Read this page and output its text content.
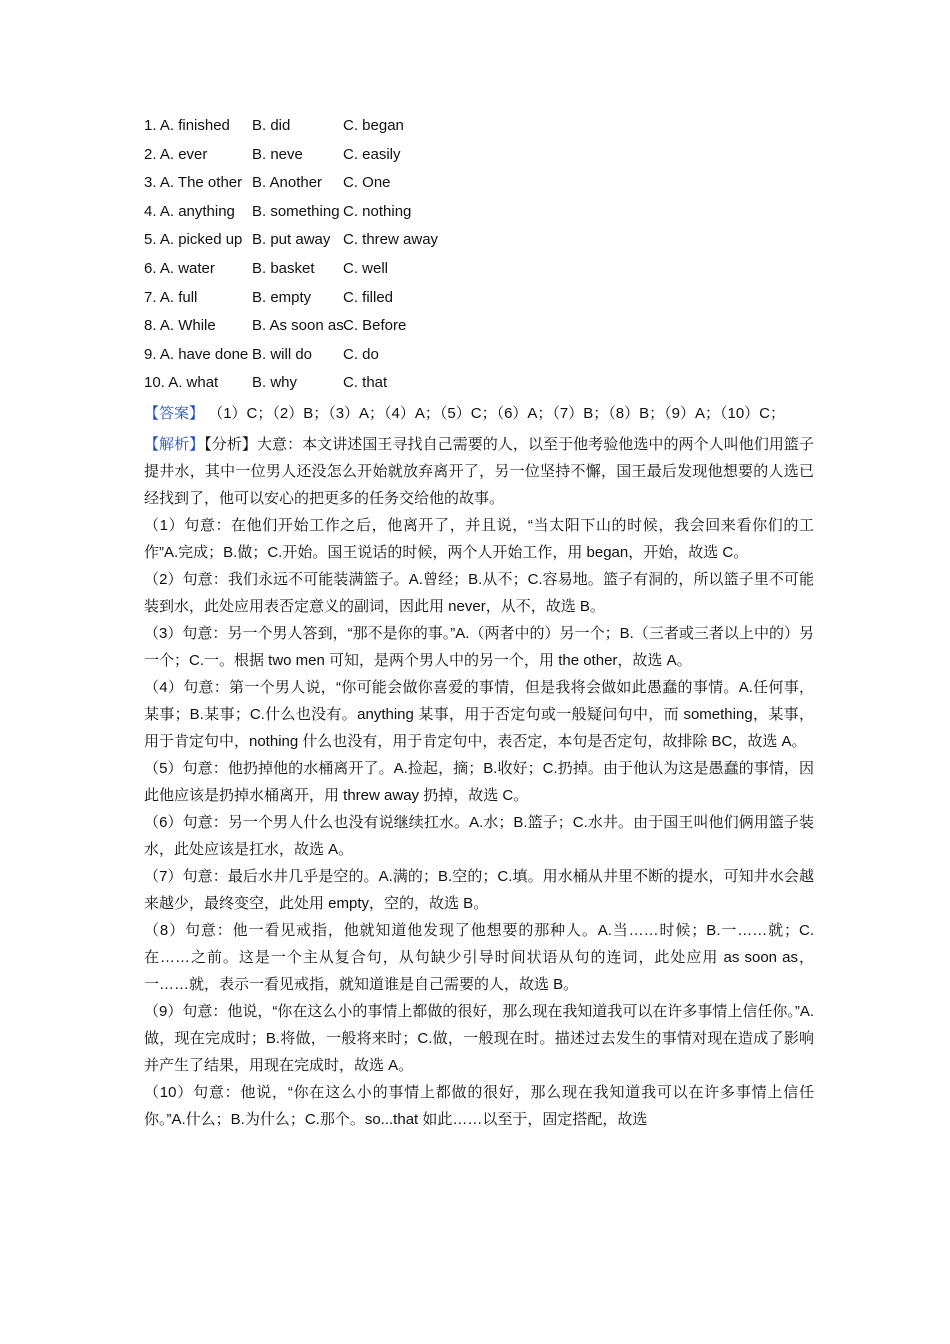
1. A. finished	B. did	C. began
2. A. ever	B. neve	C. easily
3. A. The other B. Another	C. One
4. A. anything	B. something C. nothing
5. A. picked up B. put away C. threw away
6. A. water	B. basket	C. well
7. A. full	B. empty	C. filled
8. A. While	B. As soon as C. Before
9. A. have done B. will do	C. do
10. A. what	B. why	C. that
【答案】 （1）C；（2）B；（3）A；（4）A；（5）C；（6）A；（7）B；（8）B；（9）A；（10）C；

【解析】【分析】大意：本文讲述国王寻找自己需要的人，以至于他考验他选中的两个人叫他们用篮子提井水，其中一位男人还没怎么开始就放弃离开了，另一位坚持不懈，国王最后发现他想要的人选已经找到了，他可以安心的把更多的任务交给他的故事。

（1）句意：在他们开始工作之后，他离开了，并且说，“当太阳下山的时候，我会回来看你们的工作”A.完成；B.做；C.开始。国王说话的时候，两个人开始工作，用 began，开始，故选 C。

（2）句意：我们永远不可能装满篮子。A.曾经；B.从不；C.容易地。篮子有洞的，所以篮子里不可能装到水，此处应用表否定意义的副词，因此用 never，从不，故选 B。

（3）句意：另一个男人答到，“那不是你的事。”A.（两者中的）另一个；B.（三者或三者以上中的）另一个；C.一。根据 two men 可知，是两个男人中的另一个，用 the other，故选 A。

（4）句意：第一个男人说，“你可能会做你喜爱的事情，但是我将会做如此愚蠢的事情。A.任何事，某事；B.某事；C.什么也没有。anything 某事，用于否定句或一般疑问句中，而 something，某事，用于肯定句中，nothing 什么也没有，用于肯定句中，表否定，本句是否定句，故排除 BC，故选 A。

（5）句意：他扔掉他的水桶离开了。A.捡起，摘；B.收好；C.扔掉。由于他认为这是愚蠢的事情，因此他应该是扔掉水桶离开，用 threw away 扔掉，故选 C。

（6）句意：另一个男人什么也没有说继续扛水。A.水；B.篮子；C.水井。由于国王叫他们俩用篮子装水，此处应该是扛水，故选 A。

（7）句意：最后水井几乎是空的。A.满的；B.空的；C.填。用水桶从井里不断的提水，可知井水会越来越少，最终变空，此处用 empty，空的，故选 B。

（8）句意：他一看见戒指，他就知道他发现了他想要的那种人。A.当……时候；B.一……就；C.在……之前。这是一个主从复合句，从句缺少引导时间状语从句的连词，此处应用 as soon as，一……就，表示一看见戒指，就知道谁是自己需要的人，故选 B。

（9）句意：他说，“你在这么小的事情上都做的很好，那么现在我知道我可以在许多事情上信任你。”A.做，现在完成时；B.将做，一般将来时；C.做，一般现在时。描述过去发生的事情对现在造成了影响并产生了结果，用现在完成时，故选 A。

（10）句意：他说，“你在这么小的事情上都做的很好，那么现在我知道我可以在许多事情上信任你。”A.什么；B.为什么；C.那个。so...that 如此……以至于，固定搭配，故选
